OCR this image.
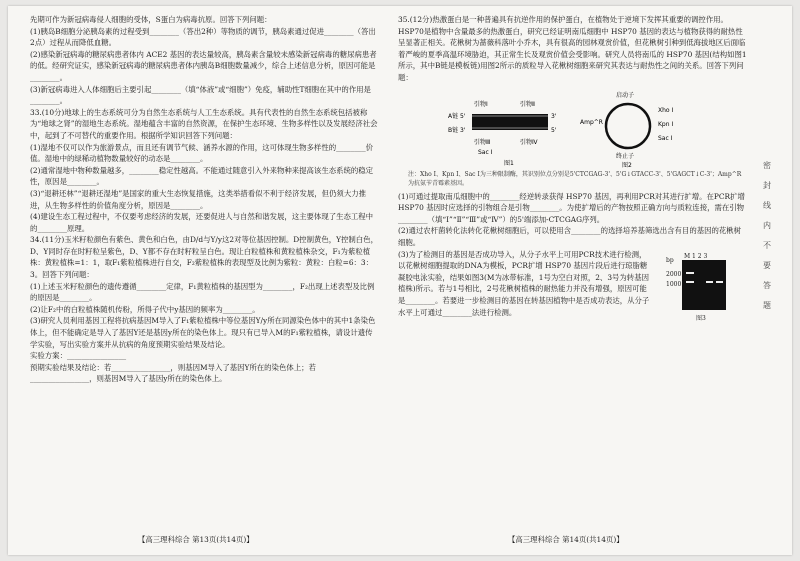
先期可作为新冠病毒侵人细胞的受体，S蛋白为病毒抗原。回答下列问题：

(1)胰岛B细胞分泌胰岛素的过程受到________（答出2种）等物质的调节，胰岛素通过促进________（答出2点）过程从而降低血糖。

(2)感染新冠病毒的糖尿病患者体内 ACE2 基因的表达量较高，胰岛素含量较未感染新冠病毒的糖尿病患者的低。经研究证实，感染新冠病毒的糖尿病患者体内胰岛B细胞数量减少，综合上述信息分析，原因可能是________。

(3)新冠病毒进入人体细胞后主要引起________（填“体液”或“细胞”）免疫，辅助性T细胞在其中的作用是________。

33.(10分)地球上的生态系统可分为自然生态系统与人工生态系统。具有代表性的自然生态系统包括被称为“地球之肾”的湿地生态系统。湿地蕴含丰富的自然资源，在保护生态环境、生物多样性以及发展经济社会中，起到了不可替代的重要作用。根据所学知识回答下列问题：

(1)湿地不仅可以作为旅游景点，而且还有调节气候、涵养水源的作用，这可体现生物多样性的________价值。湿地中的绿稀动植物数量较好的动态是________。

(2)通常湿地中物种数量越多，________稳定性越高。不能通过随意引入外来物种来提高该生态系统的稳定性，原因是________。

(3)“退耕还林”“退耕还湿地”是国家的重大生态恢复措施，这类举措看似不利于经济发展，但仍须大力推进，从生物多样性的价值角度分析，原因是________。

(4)建设生态工程过程中，不仅要考虑经济的发展，还要促进人与自然和谐发展，这主要体现了生态工程中的________原理。

34.(11分)玉米籽粒颜色有紫色、黄色和白色，由D/d与Y/y这2对等位基因控制。D控制黄色，Y控制白色，D、Y同时存在时籽粒呈紫色，D、Y都不存在时籽粒呈白色。现让白粒植株和黄粒植株杂交，F₁为紫粒植株：黄粒植株=1：1，取F₁紫粒植株进行自交，F₂紫粒植株的表现型及比例为紫粒：黄粒：白粒=6：3：3。回答下列问题：

(1)上述玉米籽粒颜色的遗传遵循________定律，F₁黄粒植株的基因型为________，F₂出现上述表型及比例的原因是________。

(2)让F₂中的白粒植株随机传粉，所得子代中y基因的频率为________。

(3)研究人员利用基因工程将抗病基因M导入了F₁紫粒植株中等位基因Y/y所在同源染色体中的其中1条染色体上，但不能确定是导入了基因Y还是基因y所在的染色体上。现只有已导入M的F₁紫粒植株，请设计遗传学实验，写出实验方案并从抗病的角度预期实验结果及结论。

实验方案：________________

预期实验结果及结论：若________________，则基因M导入了基因Y所在的染色体上；若________________，则基因M导入了基因y所在的染色体上。

35.(12分)热激蛋白是一种普遍具有抗逆作用的保护蛋白，在植物处于逆境下发挥其重要的调控作用。HSP70是植物中含量最多的热激蛋白，研究已经证明南瓜细胞中 HSP70 基因的表达与植物获得的耐热性呈显著正相关。花楸树为蔷薇科落叶小乔木，具有很高的园林观赏价值，但花楸树引种到低海拔地区后面临着严峻的夏季高温环境胁迫，其正常生长及观赏价值会受影响。研究人员将南瓜的 HSP70 基因(结构如图1所示，其中B链是模板链)用图2所示的质粒导入花楸树细胞来研究其表达与耐热性之间的关系。回答下列问题：

A链 5'
B链 3'
3'
5'
引物Ⅰ	引物Ⅱ
引物Ⅲ	引物Ⅳ
Sac Ⅰ
图1
启动子
Xho Ⅰ
Kpn Ⅰ
Sac Ⅰ
Amp^R
终止子
图2
注：Xho Ⅰ、Kpn Ⅰ、Sac Ⅰ为三种限制酶，其识别位点分别是5'CTCGAG-3'、5'G↓GTACC-3'、5'GAGCT↓C-3'；Amp^R 为抗氨苄青霉素基因。

(1)可通过提取南瓜细胞中的________经逆转录获得 HSP70 基因，再利用PCR对其进行扩增。在PCR扩增 HSP70 基因时应选择的引物组合是引物________。为使扩增后的产物按照正确方向与质粒连接，需在引物________（填“Ⅰ”“Ⅱ”“Ⅲ”或“Ⅳ”）的5'端添加-CTCGAG序列。

(2)通过农杆菌转化法转化花楸树细胞后，可以使用含________的选择培养基筛选出含有目的基因的花楸树细胞。

(3)为了检测目的基因是否成功导入，从分子水平上可用PCR技术进行检测，以花楸树细胞提取的DNA为模板，PCR扩增 HSP70 基因片段后进行琼脂糖凝胶电泳实验，结果如图3(M为冰带标准，1号为空白对照，2、3号为转基因植株)所示。若与1号相比，2号花楸树植株的耐热能力并没有增强，原因可能是________。若要进一步检测目的基因在转基因植物中是否成功表达，从分子水平上可通过________法进行检测。

M 1 2 3
bp
2000
1000
图3
密
封
线
内
不
要
答
题
【高三理科综合 第13页(共14页)】	【高三理科综合 第14页(共14页)】
